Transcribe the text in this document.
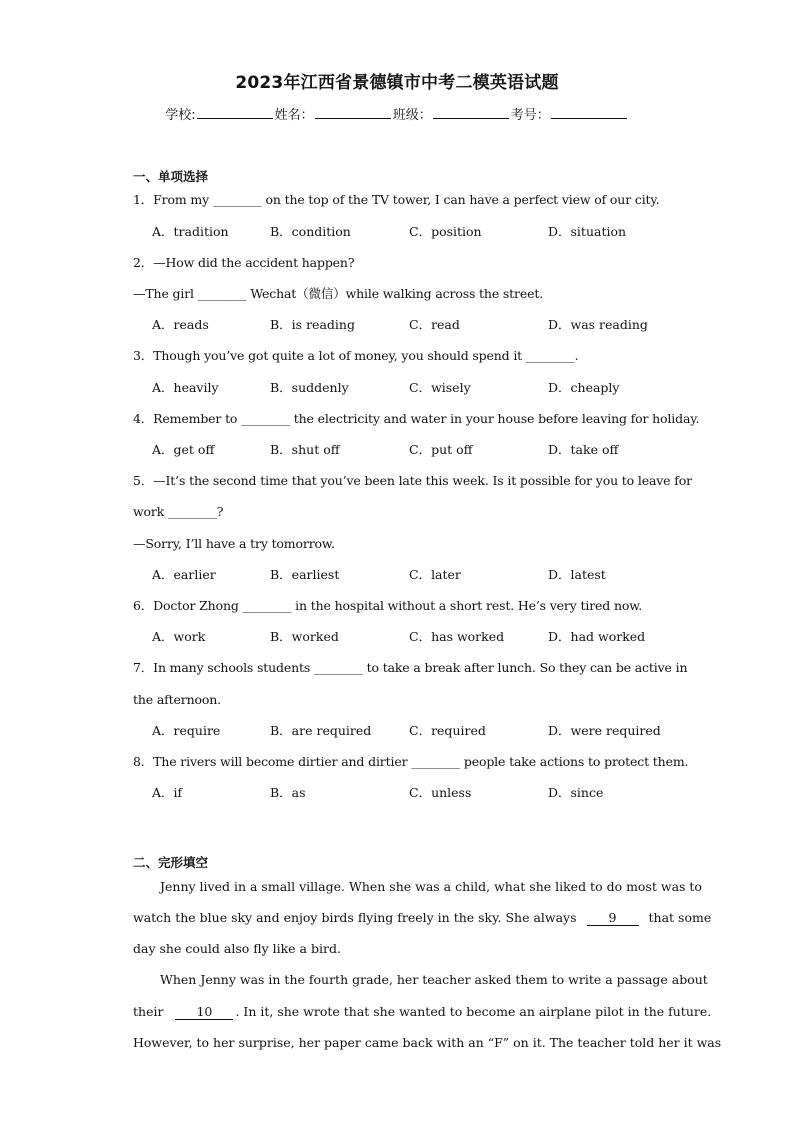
2023年江西省景德镇市中考二模英语试题
学校:	姓名：	班级：	考号：
一、单项选择
1．From my ________ on the top of the TV tower, I can have a perfect view of our city.
A．tradition	B．condition	C．position	D．situation
2．—How did the accident happen?
—The girl ________ Wechat（微信）while walking across the street.
A．reads	B．is reading	C．read	D．was reading
3．Though you’ve got quite a lot of money, you should spend it ________.
A．heavily	B．suddenly	C．wisely	D．cheaply
4．Remember to ________ the electricity and water in your house before leaving for holiday.
A．get off	B．shut off	C．put off	D．take off
5．—It’s the second time that you’ve been late this week. Is it possible for you to leave for
work ________?
—Sorry, I’ll have a try tomorrow.
A．earlier	B．earliest	C．later	D．latest
6．Doctor Zhong ________ in the hospital without a short rest. He’s very tired now.
A．work	B．worked	C．has worked	D．had worked
7．In many schools students ________ to take a break after lunch. So they can be active in
the afternoon.
A．require	B．are required	C．required	D．were required
8．The rivers will become dirtier and dirtier ________ people take actions to protect them.
A．if	B．as	C．unless	D．since
二、完形填空
Jenny lived in a small village. When she was a child, what she liked to do most was to
watch the blue sky and enjoy birds flying freely in the sky. She always	9	that some
day she could also fly like a bird.
When Jenny was in the fourth grade, her teacher asked them to write a passage about
their	10 . In it, she wrote that she wanted to become an airplane pilot in the future.
However, to her surprise, her paper came back with an “F” on it. The teacher told her it was
